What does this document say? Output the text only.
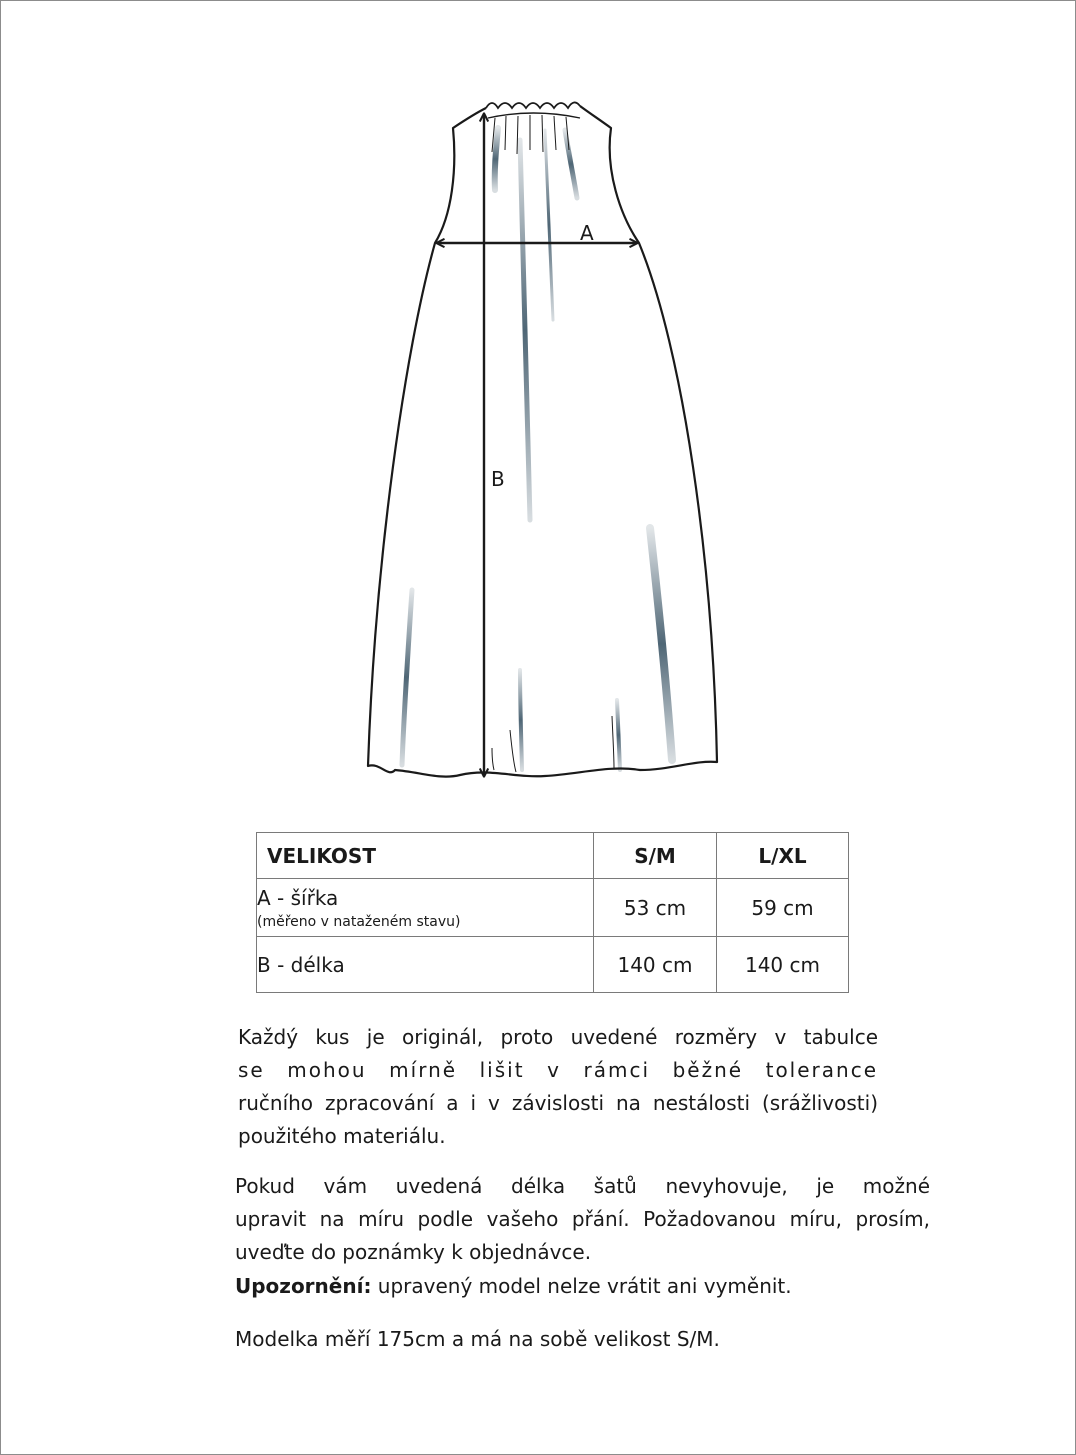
A
B
VELIKOST	S/M	L/XL
A - šířka
(měřeno v nataženém stavu)	53 cm	59 cm
B - délka	140 cm	140 cm
Každý kus je originál, proto uvedené rozměry v tabulce
se mohou mírně lišit v rámci běžné tolerance
ručního zpracování a i v závislosti na nestálosti (srážlivosti)
použitého materiálu.
Pokud vám uvedená délka šatů nevyhovuje, je možné
upravit na míru podle vašeho přání. Požadovanou míru, prosím,
uveďte do poznámky k objednávce.
Upozornění: upravený model nelze vrátit ani vyměnit.
Modelka měří 175cm a má na sobě velikost S/M.
